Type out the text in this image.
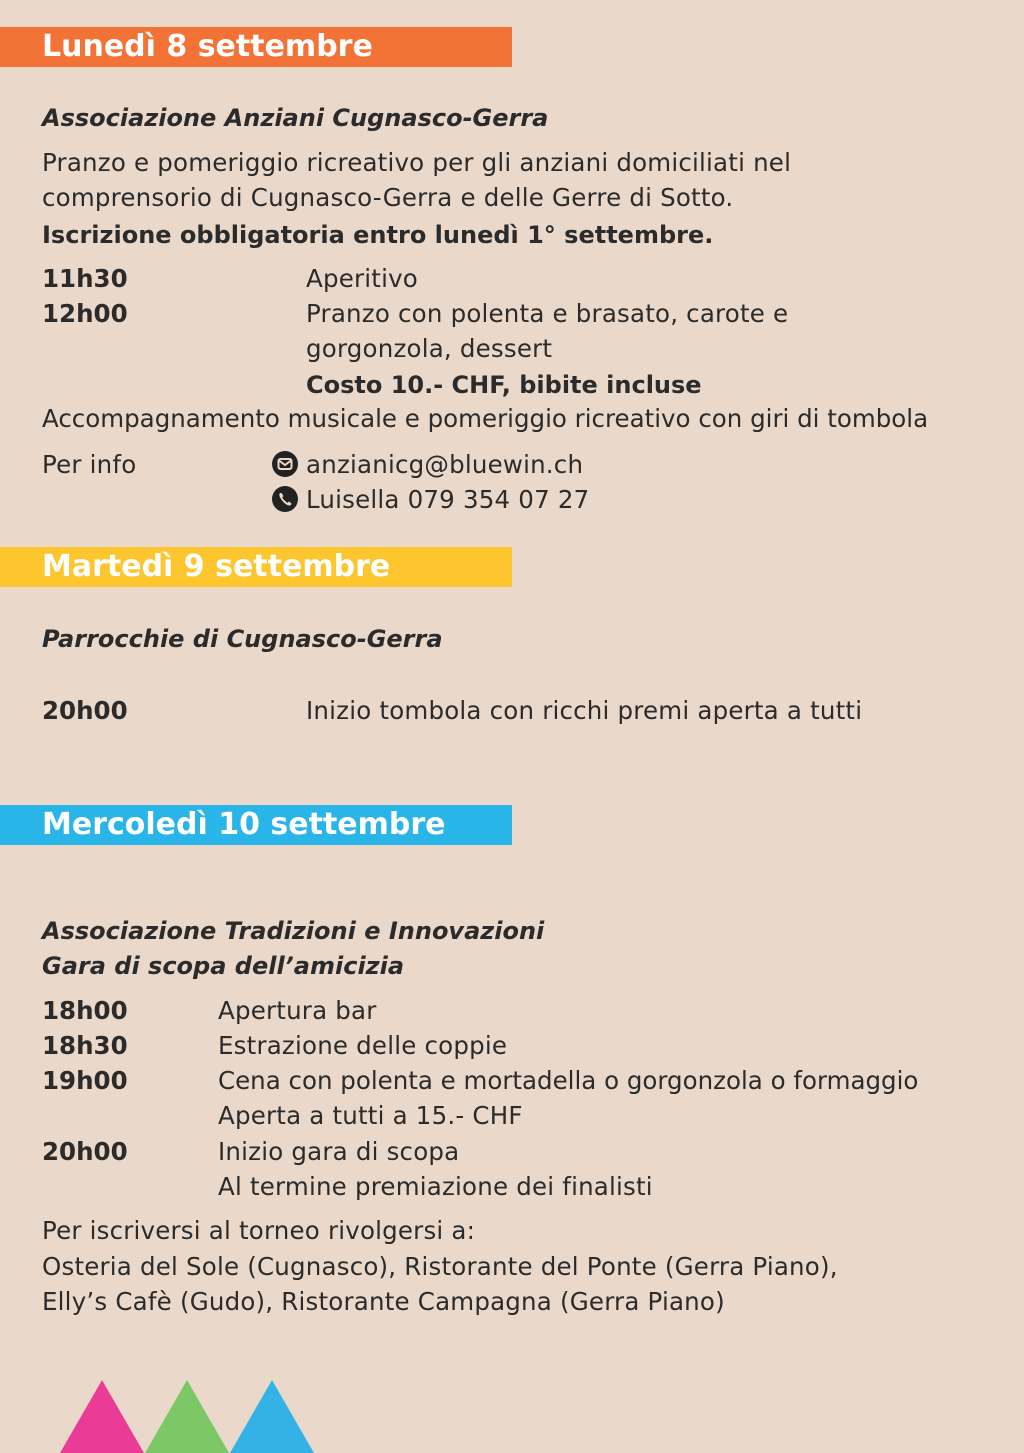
Lunedì 8 settembre
Associazione Anziani Cugnasco-Gerra
Pranzo e pomeriggio ricreativo per gli anziani domiciliati nel
comprensorio di Cugnasco-Gerra e delle Gerre di Sotto.
Iscrizione obbligatoria entro lunedì 1° settembre.
11h30	Aperitivo
12h00	Pranzo con polenta e brasato, carote e
gorgonzola, dessert
Costo 10.- CHF, bibite incluse
Accompagnamento musicale e pomeriggio ricreativo con giri di tombola
Per info	anzianicg@bluewin.ch
Luisella 079 354 07 27
Martedì 9 settembre
Parrocchie di Cugnasco-Gerra
20h00	Inizio tombola con ricchi premi aperta a tutti
Mercoledì 10 settembre
Associazione Tradizioni e Innovazioni
Gara di scopa dell’amicizia
18h00	Apertura bar
18h30	Estrazione delle coppie
19h00	Cena con polenta e mortadella o gorgonzola o formaggio
Aperta a tutti a 15.- CHF
20h00	Inizio gara di scopa
Al termine premiazione dei finalisti
Per iscriversi al torneo rivolgersi a:
Osteria del Sole (Cugnasco), Ristorante del Ponte (Gerra Piano),
Elly’s Cafè (Gudo), Ristorante Campagna (Gerra Piano)
